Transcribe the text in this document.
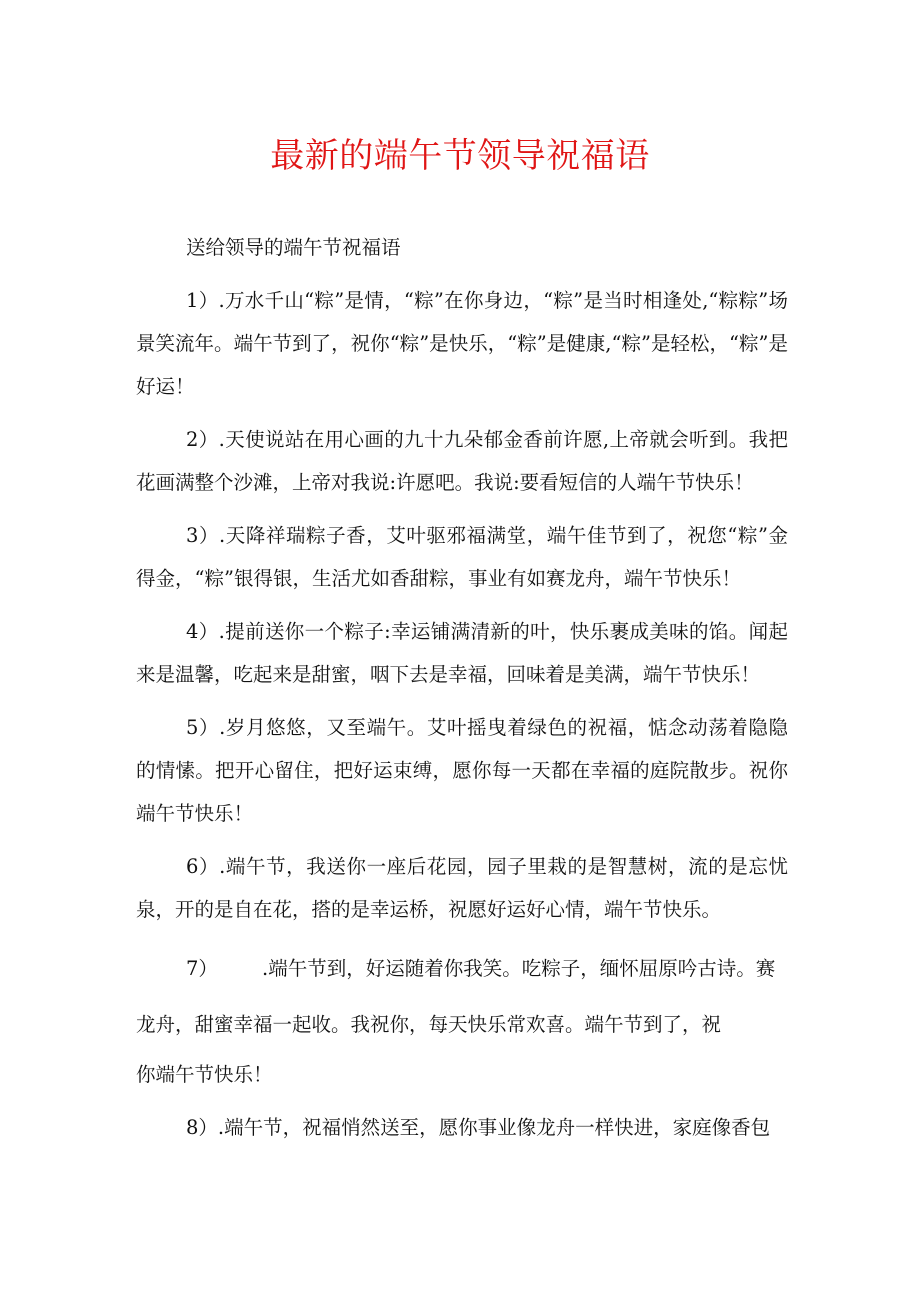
最新的端午节领导祝福语

送给领导的端午节祝福语

1）.万水千山“粽”是情，“粽”在你身边，“粽”是当时相逢处,“粽粽”场景笑流年。端午节到了，祝你“粽”是快乐，“粽”是健康,“粽”是轻松，“粽”是好运！

2）.天使说站在用心画的九十九朵郁金香前许愿,上帝就会听到。我把花画满整个沙滩，上帝对我说:许愿吧。我说:要看短信的人端午节快乐！

3）.天降祥瑞粽子香，艾叶驱邪福满堂，端午佳节到了，祝您“粽”金得金，“粽”银得银，生活尤如香甜粽，事业有如赛龙舟，端午节快乐！

4）.提前送你一个粽子:幸运铺满清新的叶，快乐裹成美味的馅。闻起来是温馨，吃起来是甜蜜，咽下去是幸福，回味着是美满，端午节快乐！

5）.岁月悠悠，又至端午。艾叶摇曳着绿色的祝福，惦念动荡着隐隐的情愫。把开心留住，把好运束缚，愿你每一天都在幸福的庭院散步。祝你端午节快乐！

6）.端午节，我送你一座后花园，园子里栽的是智慧树，流的是忘忧泉，开的是自在花，搭的是幸运桥，祝愿好运好心情，端午节快乐。

7） .端午节到，好运随着你我笑。吃粽子，缅怀屈原吟古诗。赛
龙舟，甜蜜幸福一起收。我祝你，每天快乐常欢喜。端午节到了，祝
你端午节快乐！

8）.端午节，祝福悄然送至，愿你事业像龙舟一样快进，家庭像香包
